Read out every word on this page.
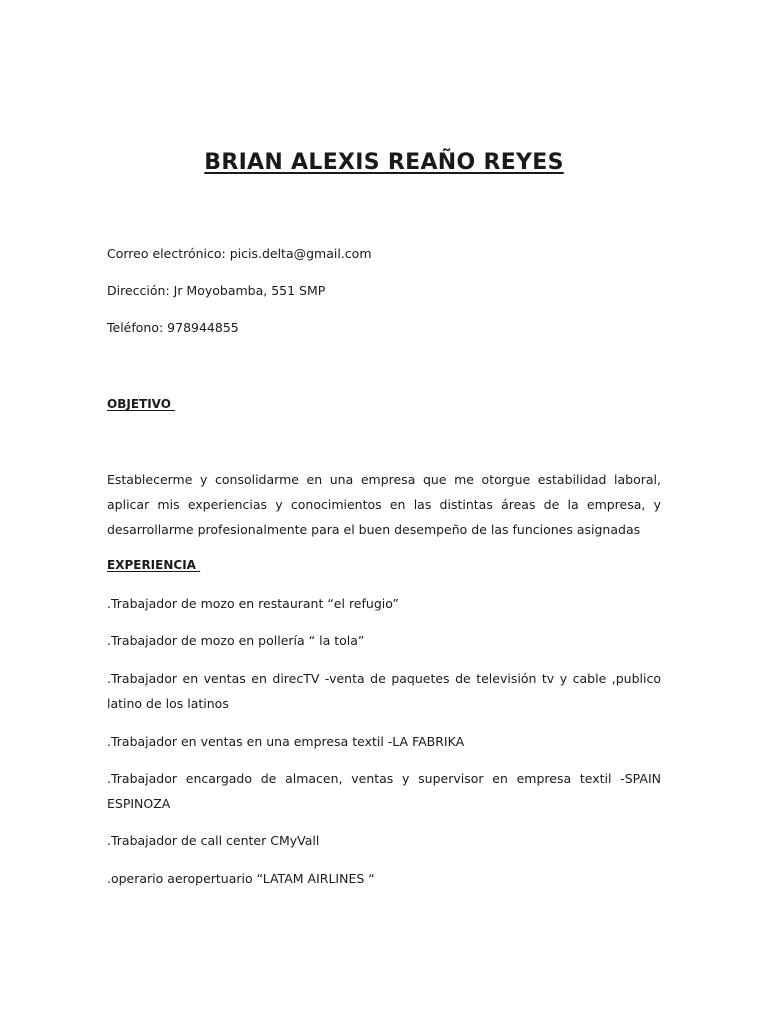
BRIAN ALEXIS REAÑO REYES

Correo electrónico: picis.delta@gmail.com

Dirección: Jr Moyobamba, 551 SMP

Teléfono: 978944855

OBJETIVO

Establecerme y consolidarme en una empresa que me otorgue estabilidad laboral, aplicar mis experiencias y conocimientos en las distintas áreas de la empresa, y desarrollarme profesionalmente para el buen desempeño de las funciones asignadas

EXPERIENCIA

.Trabajador de mozo en restaurant “el refugio”

.Trabajador de mozo en pollería “ la tola”

.Trabajador en ventas en direcTV -venta de paquetes de televisión tv y cable ,publico latino de los latinos

.Trabajador en ventas en una empresa textil -LA FABRIKA

.Trabajador encargado de almacen, ventas y supervisor en empresa textil -SPAIN ESPINOZA

.Trabajador de call center CMyVall

.operario aeropertuario “LATAM AIRLINES “
